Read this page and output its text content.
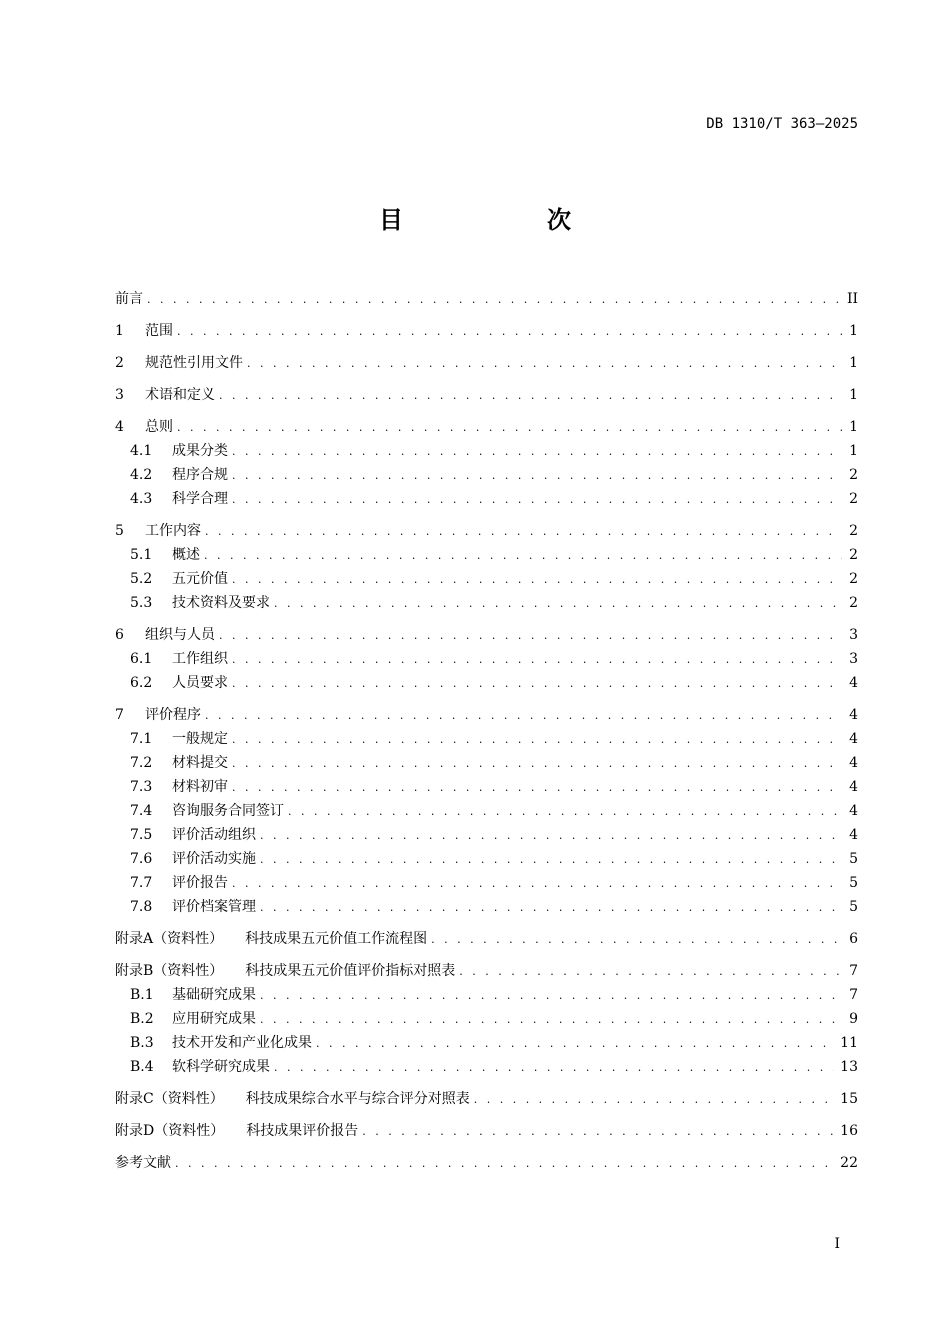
DB 1310/T 363—2025
目　次
前言 . . .	II
1	范围 . . .	1
2	规范性引用文件 . . .	1
3	术语和定义 . . .	1
4	总则 . . .	1
4.1	成果分类 . . .	1
4.2	程序合规 . . .	2
4.3	科学合理 . . .	2
5	工作内容 . . .	2
5.1	概述 . . .	2
5.2	五元价值 . . .	2
5.3	技术资料及要求 . . .	2
6	组织与人员 . . .	3
6.1	工作组织 . . .	3
6.2	人员要求 . . .	4
7	评价程序 . . .	4
7.1	一般规定 . . .	4
7.2	材料提交 . . .	4
7.3	材料初审 . . .	4
7.4	咨询服务合同签订 . . .	4
7.5	评价活动组织 . . .	4
7.6	评价活动实施 . . .	5
7.7	评价报告 . . .	5
7.8	评价档案管理 . . .	5
附录A（资料性） 科技成果五元价值工作流程图 . . .	6
附录B（资料性） 科技成果五元价值评价指标对照表 . . .	7
B.1	基础研究成果 . . .	7
B.2	应用研究成果 . . .	9
B.3	技术开发和产业化成果 . . .	11
B.4	软科学研究成果 . . .	13
附录C（资料性） 科技成果综合水平与综合评分对照表 . . .	15
附录D（资料性） 科技成果评价报告 . . .	16
参考文献 . . .	22
I
